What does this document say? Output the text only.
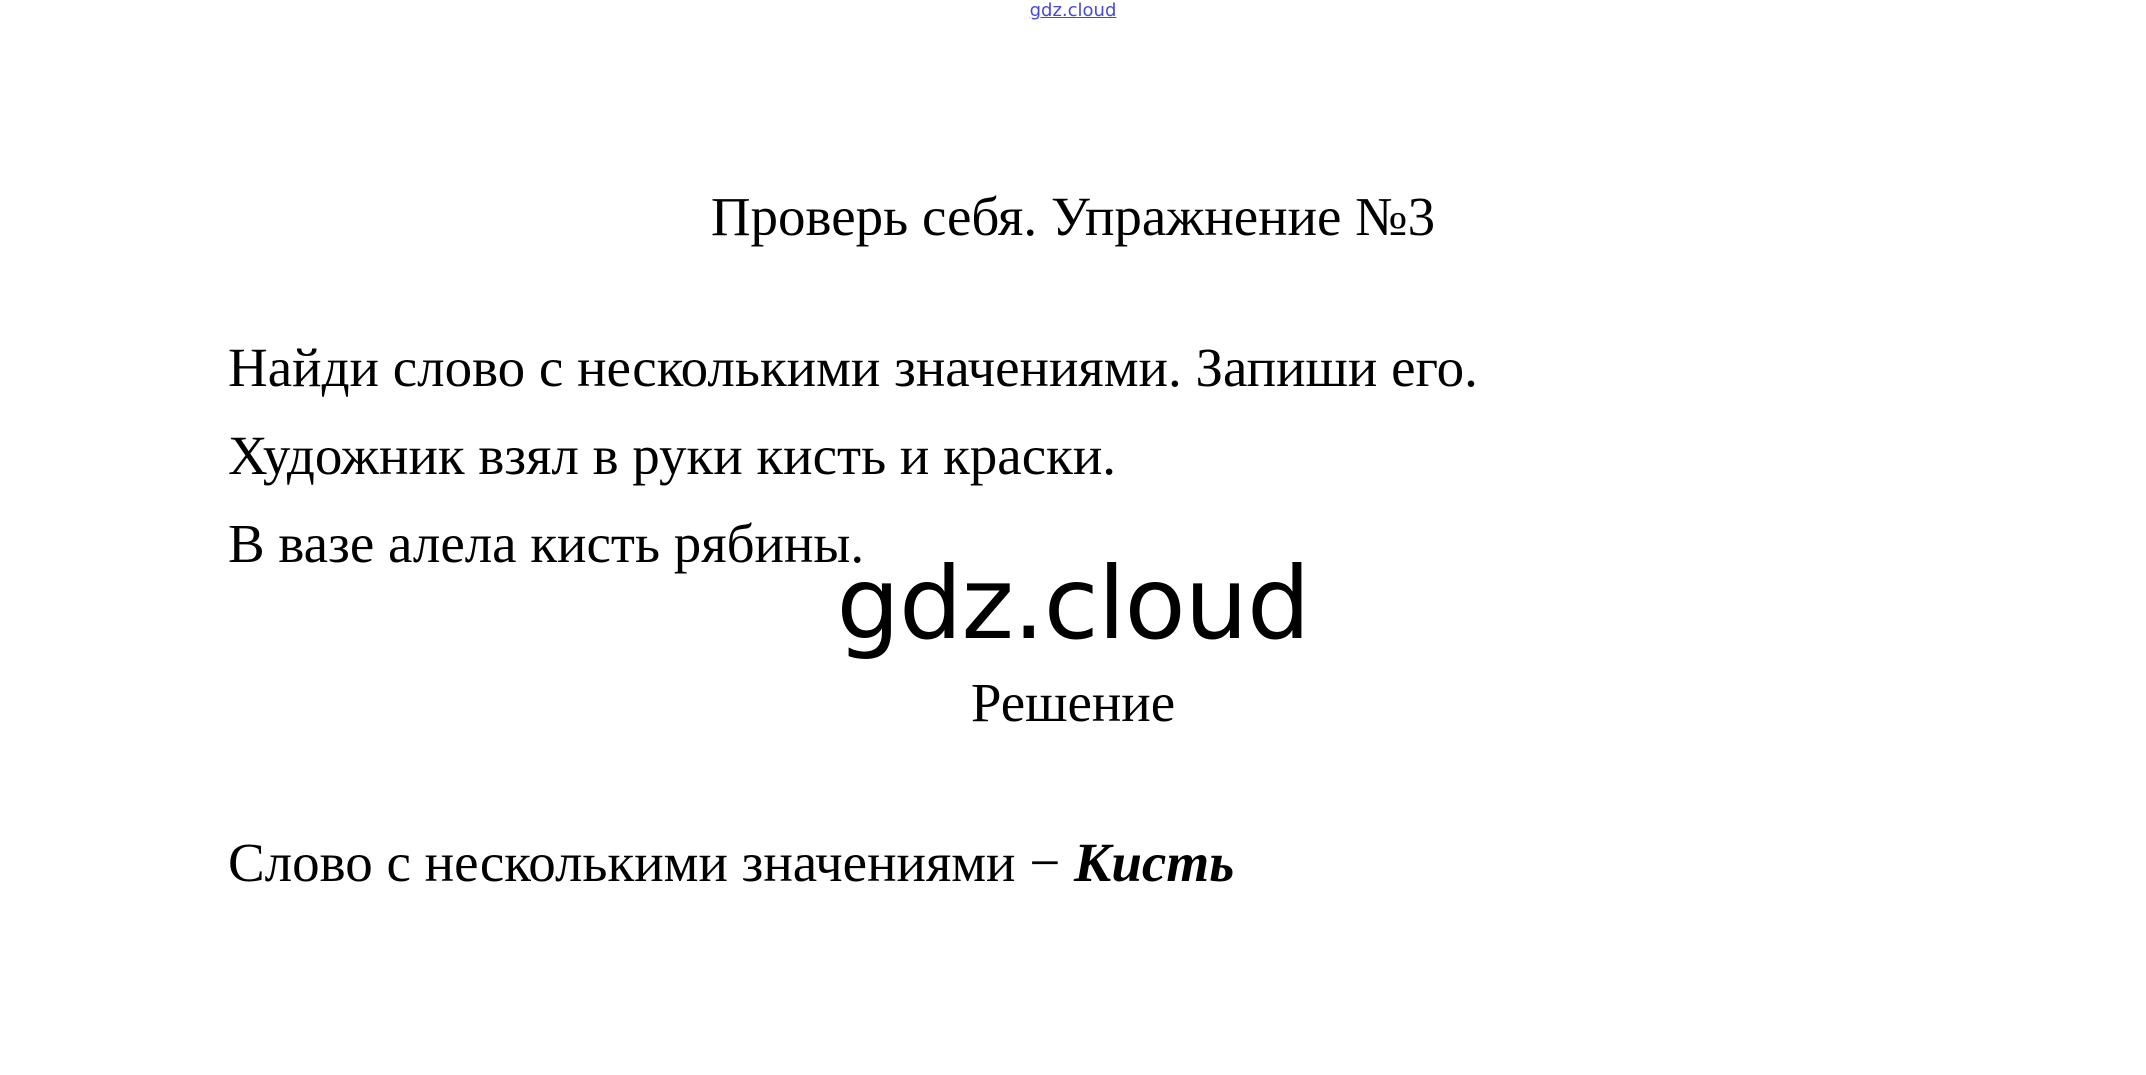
gdz.cloud
Проверь себя. Упражнение №3
Найди слово с несколькими значениями. Запиши его.
Художник взял в руки кисть и краски.
В вазе алела кисть рябины.
gdz.cloud
Решение
Слово с несколькими значениями − Кисть
